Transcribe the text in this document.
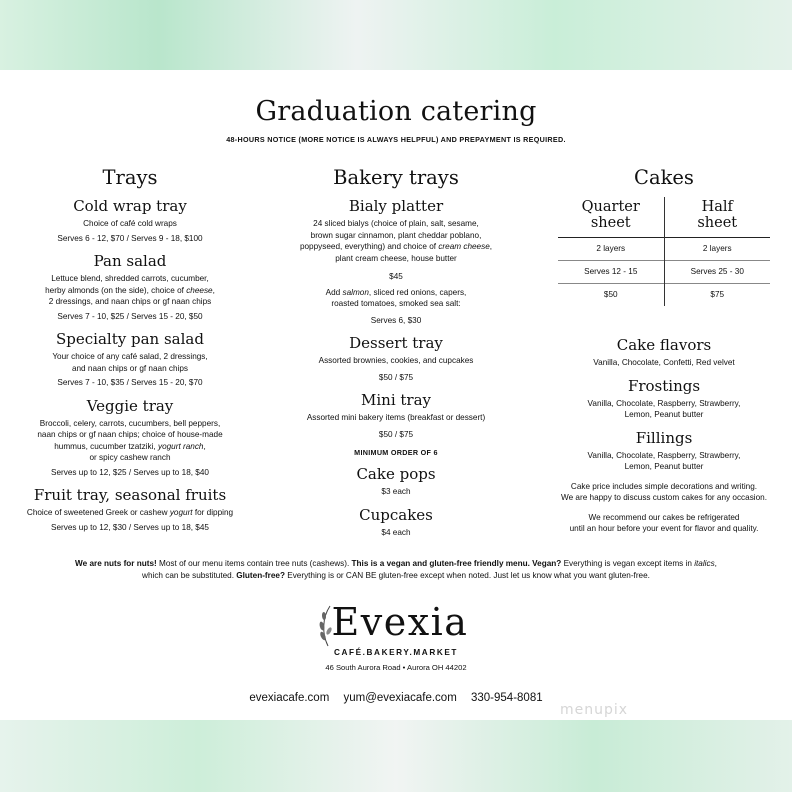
Graduation catering
48-HOURS NOTICE (MORE NOTICE IS ALWAYS HELPFUL) AND PREPAYMENT IS REQUIRED.
Trays
Cold wrap tray
Choice of café cold wraps
Serves 6 - 12, $70 / Serves 9 - 18, $100
Pan salad
Lettuce blend, shredded carrots, cucumber,
herby almonds (on the side), choice of cheese,
2 dressings, and naan chips or gf naan chips
Serves 7 - 10, $25 / Serves 15 - 20, $50
Specialty pan salad
Your choice of any café salad, 2 dressings,
and naan chips or gf naan chips
Serves 7 - 10, $35 / Serves 15 - 20, $70
Veggie tray
Broccoli, celery, carrots, cucumbers, bell peppers,
naan chips or gf naan chips; choice of house-made
hummus, cucumber tzatziki, yogurt ranch,
or spicy cashew ranch
Serves up to 12, $25 / Serves up to 18, $40
Fruit tray, seasonal fruits
Choice of sweetened Greek or cashew yogurt for dipping
Serves up to 12, $30 / Serves up to 18, $45
Bakery trays
Bialy platter
24 sliced bialys (choice of plain, salt, sesame,
brown sugar cinnamon, plant cheddar poblano,
poppyseed, everything) and choice of cream cheese,
plant cream cheese, house butter
$45
Add salmon, sliced red onions, capers,
roasted tomatoes, smoked sea salt:
Serves 6, $30
Dessert tray
Assorted brownies, cookies, and cupcakes
$50 / $75
Mini tray
Assorted mini bakery items (breakfast or dessert)
$50 / $75
MINIMUM ORDER OF 6
Cake pops
$3 each
Cupcakes
$4 each
Cakes
Quarter
sheet	Half
sheet
2 layers	2 layers
Serves 12 - 15	Serves 25 - 30
$50	$75
Cake flavors
Vanilla, Chocolate, Confetti, Red velvet
Frostings
Vanilla, Chocolate, Raspberry, Strawberry,
Lemon, Peanut butter
Fillings
Vanilla, Chocolate, Raspberry, Strawberry,
Lemon, Peanut butter
Cake price includes simple decorations and writing.
We are happy to discuss custom cakes for any occasion.
We recommend our cakes be refrigerated
until an hour before your event for flavor and quality.
We are nuts for nuts! Most of our menu items contain tree nuts (cashews). This is a vegan and gluten-free friendly menu. Vegan? Everything is vegan except items in italics,
which can be substituted. Gluten-free? Everything is or CAN BE gluten-free except when noted. Just let us know what you want gluten-free.
Evexia
CAFÉ.BAKERY.MARKET
46 South Aurora Road • Aurora OH 44202
evexiacafe.com yum@evexiacafe.com 330-954-8081
menupix
